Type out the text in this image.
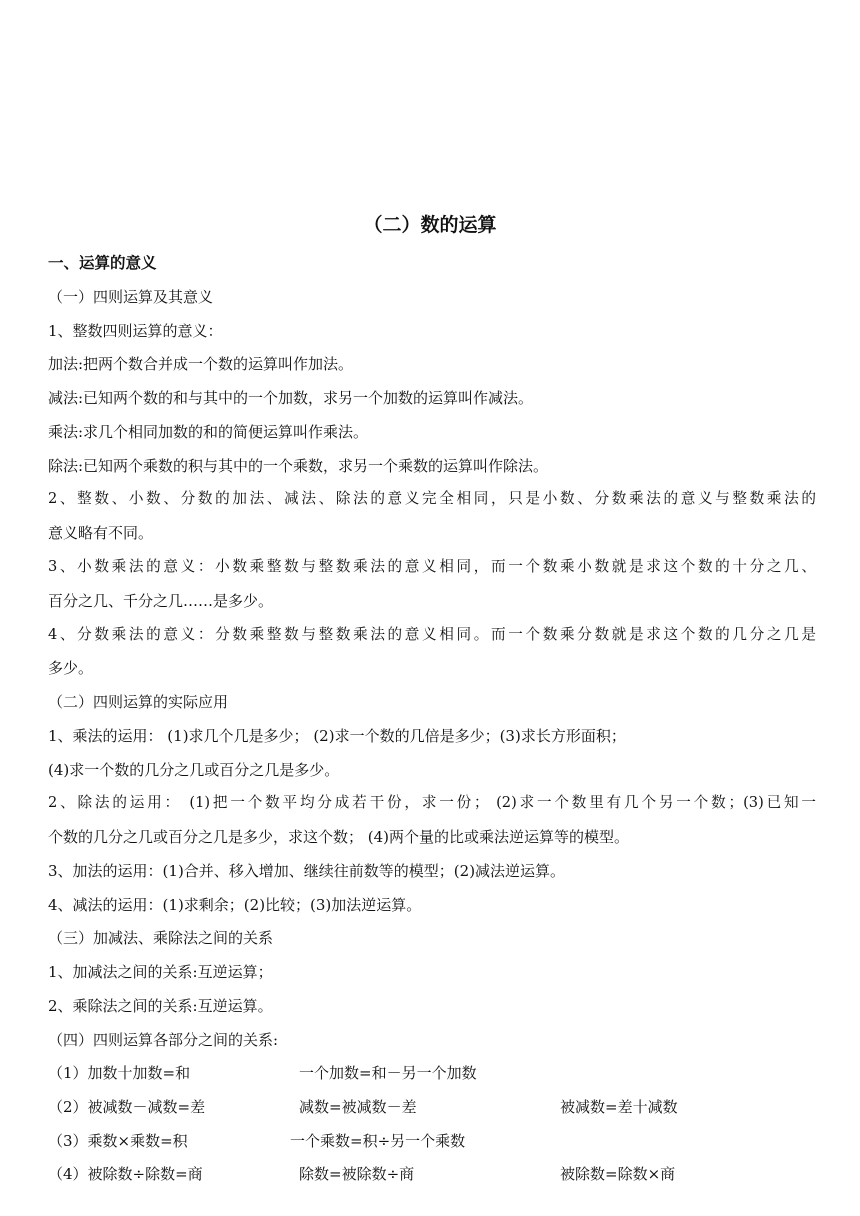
（二）数的运算
一、运算的意义
（一）四则运算及其意义
1、整数四则运算的意义：
加法:把两个数合并成一个数的运算叫作加法。
减法:已知两个数的和与其中的一个加数，求另一个加数的运算叫作减法。
乘法:求几个相同加数的和的简便运算叫作乘法。
除法:已知两个乘数的积与其中的一个乘数，求另一个乘数的运算叫作除法。
2、整数、小数、分数的加法、减法、除法的意义完全相同，只是小数、分数乘法的意义与整数乘法的
意义略有不同。
3、小数乘法的意义：小数乘整数与整数乘法的意义相同，而一个数乘小数就是求这个数的十分之几、
百分之几、千分之几……是多少。
4、分数乘法的意义：分数乘整数与整数乘法的意义相同。而一个数乘分数就是求这个数的几分之几是
多少。
（二）四则运算的实际应用
1、乘法的运用： (1)求几个几是多少； (2)求一个数的几倍是多少；(3)求长方形面积；
(4)求一个数的几分之几或百分之几是多少。
2、除法的运用： (1)把一个数平均分成若干份，求一份； (2)求一个数里有几个另一个数；(3)已知一
个数的几分之几或百分之几是多少，求这个数； (4)两个量的比或乘法逆运算等的模型。
3、加法的运用：(1)合并、移入增加、继续往前数等的模型；(2)减法逆运算。
4、减法的运用：(1)求剩余；(2)比较；(3)加法逆运算。
（三）加减法、乘除法之间的关系
1、加减法之间的关系:互逆运算；
2、乘除法之间的关系:互逆运算。
（四）四则运算各部分之间的关系:
（1）加数十加数=和	一个加数=和－另一个加数
（2）被减数－减数=差	减数=被减数－差	被减数=差十减数
（3）乘数×乘数=积	一个乘数=积÷另一个乘数
（4）被除数÷除数=商	除数=被除数÷商	被除数=除数×商
